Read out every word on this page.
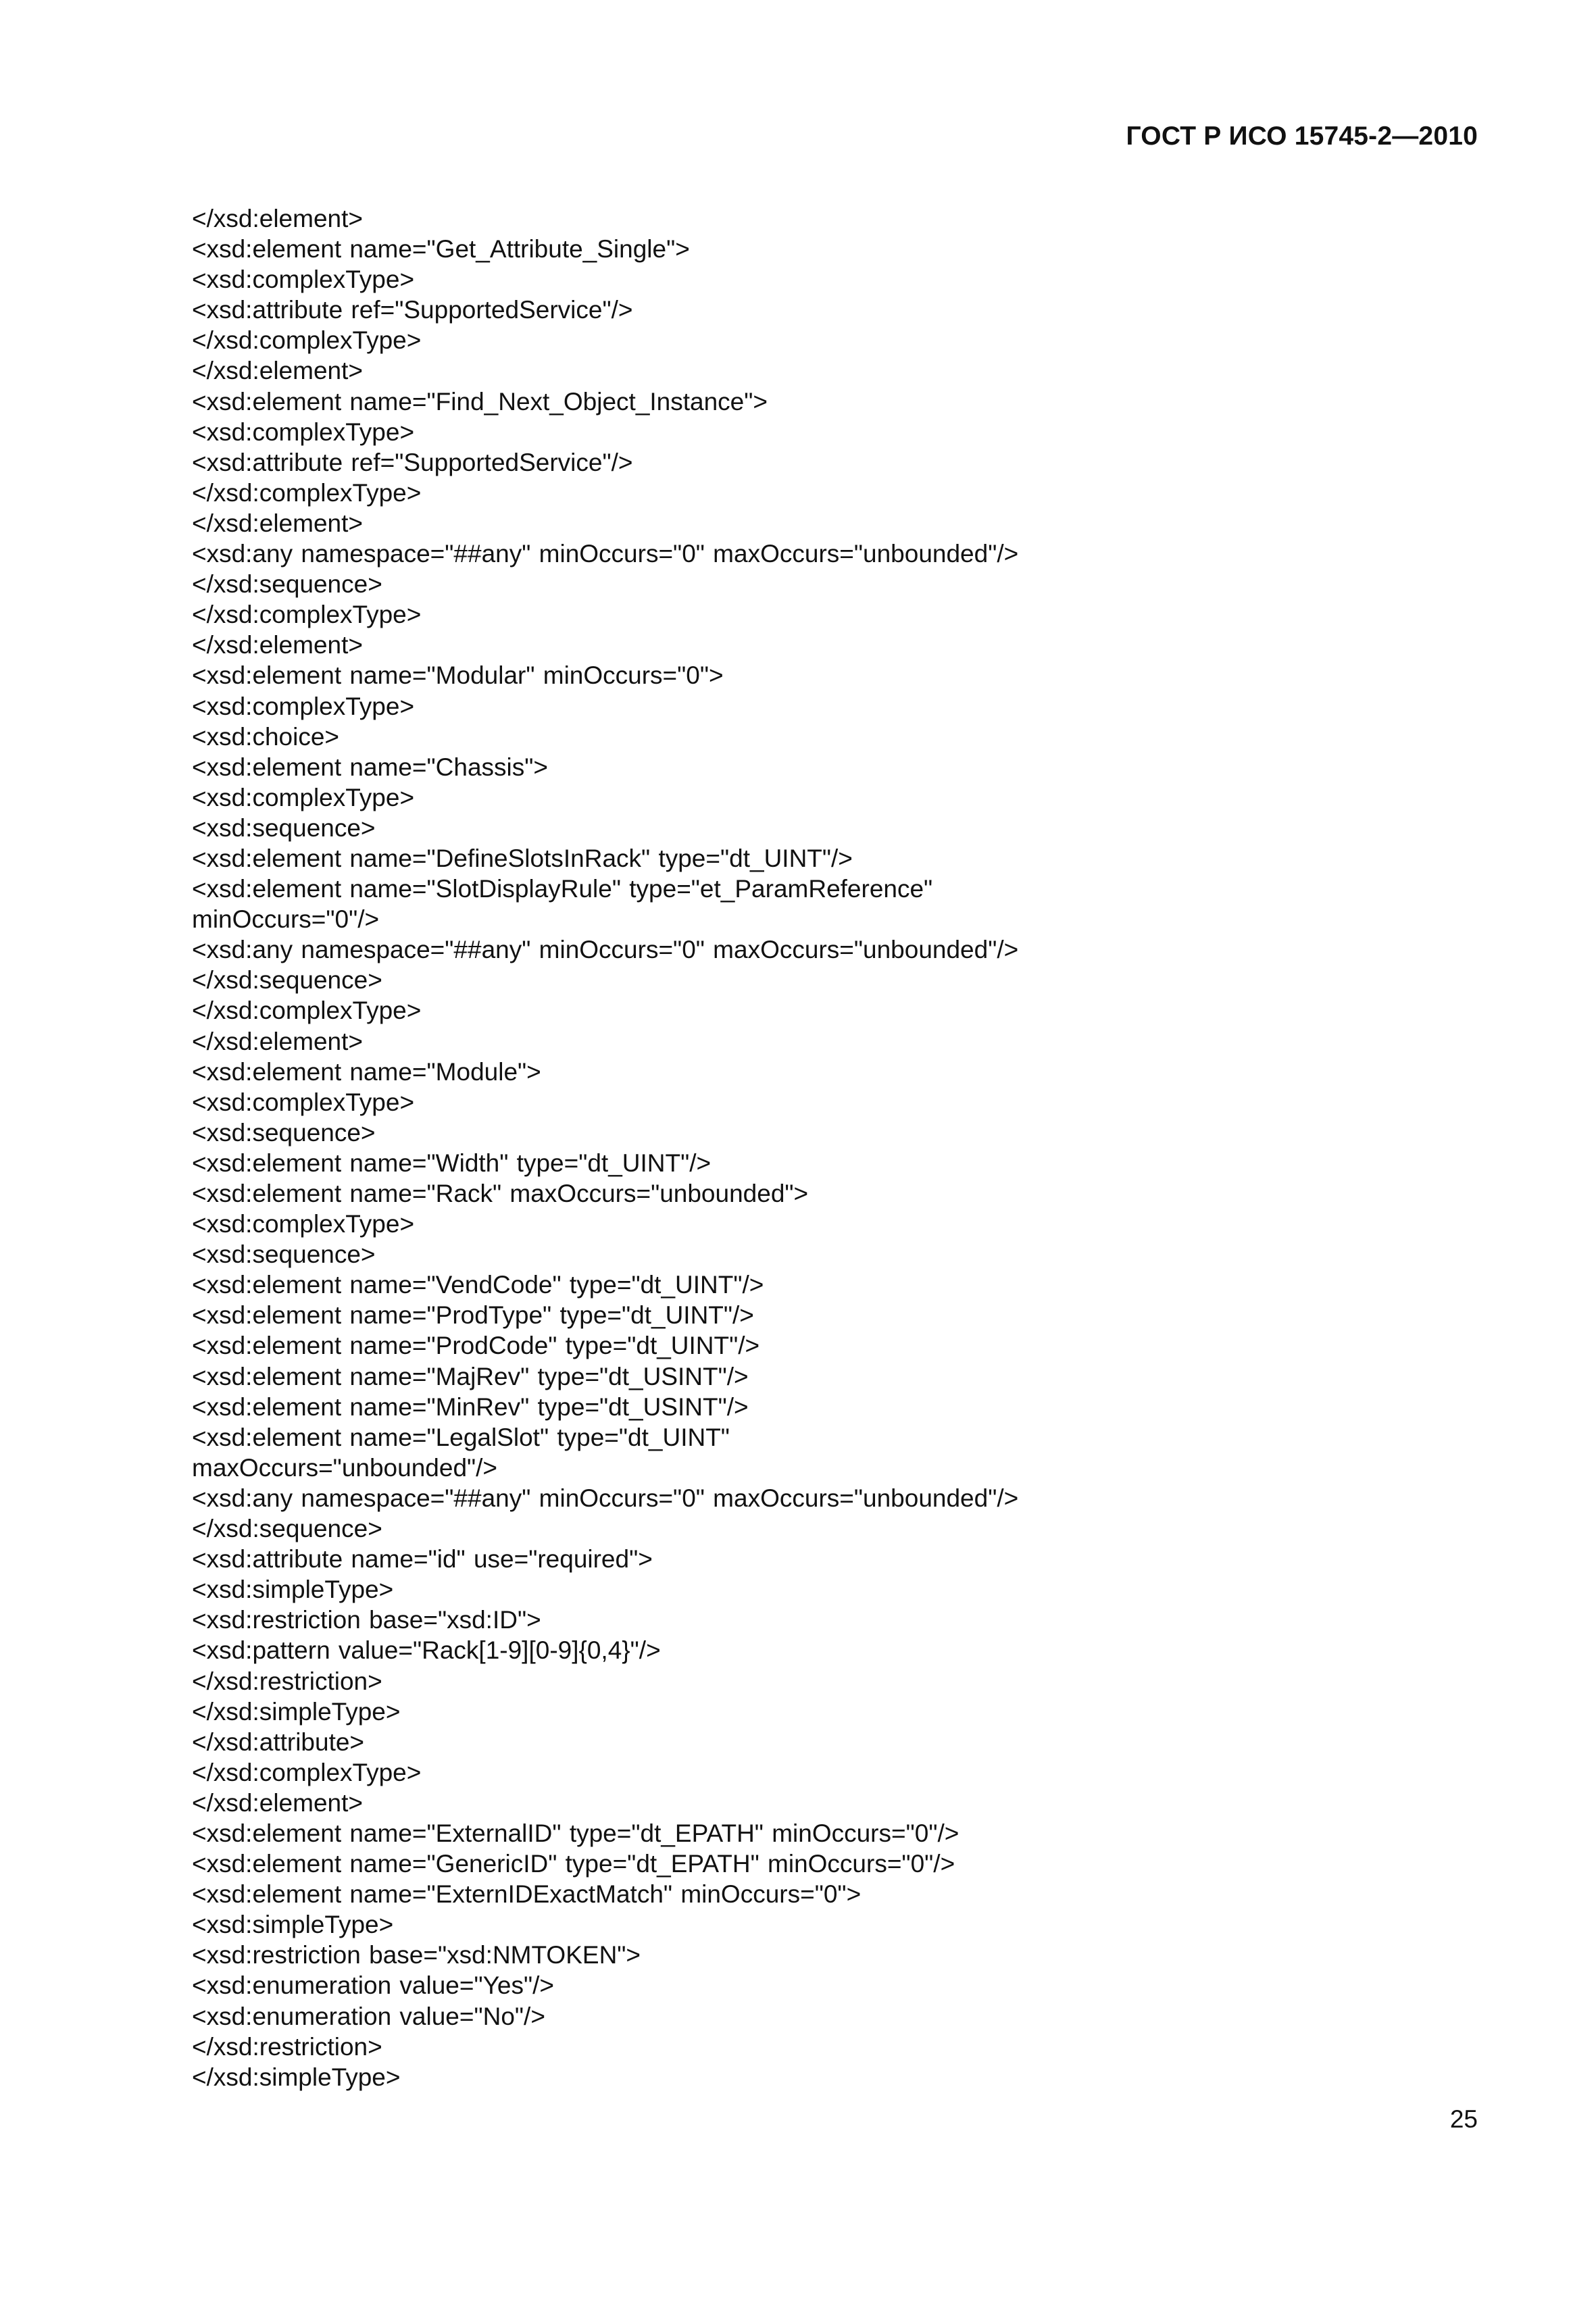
ГОСТ Р ИСО 15745-2—2010
</xsd:element>
<xsd:element name="Get_Attribute_Single">
<xsd:complexType>
<xsd:attribute ref="SupportedService"/>
</xsd:complexType>
</xsd:element>
<xsd:element name="Find_Next_Object_Instance">
<xsd:complexType>
<xsd:attribute ref="SupportedService"/>
</xsd:complexType>
</xsd:element>
<xsd:any namespace="##any" minOccurs="0" maxOccurs="unbounded"/>
</xsd:sequence>
</xsd:complexType>
</xsd:element>
<xsd:element name="Modular" minOccurs="0">
<xsd:complexType>
<xsd:choice>
<xsd:element name="Chassis">
<xsd:complexType>
<xsd:sequence>
<xsd:element name="DefineSlotsInRack" type="dt_UINT"/>
<xsd:element name="SlotDisplayRule" type="et_ParamReference"
minOccurs="0"/>
<xsd:any namespace="##any" minOccurs="0" maxOccurs="unbounded"/>
</xsd:sequence>
</xsd:complexType>
</xsd:element>
<xsd:element name="Module">
<xsd:complexType>
<xsd:sequence>
<xsd:element name="Width" type="dt_UINT"/>
<xsd:element name="Rack" maxOccurs="unbounded">
<xsd:complexType>
<xsd:sequence>
<xsd:element name="VendCode" type="dt_UINT"/>
<xsd:element name="ProdType" type="dt_UINT"/>
<xsd:element name="ProdCode" type="dt_UINT"/>
<xsd:element name="MajRev" type="dt_USINT"/>
<xsd:element name="MinRev" type="dt_USINT"/>
<xsd:element name="LegalSlot" type="dt_UINT"
maxOccurs="unbounded"/>
<xsd:any namespace="##any" minOccurs="0" maxOccurs="unbounded"/>
</xsd:sequence>
<xsd:attribute name="id" use="required">
<xsd:simpleType>
<xsd:restriction base="xsd:ID">
<xsd:pattern value="Rack[1-9][0-9]{0,4}"/>
</xsd:restriction>
</xsd:simpleType>
</xsd:attribute>
</xsd:complexType>
</xsd:element>
<xsd:element name="ExternalID" type="dt_EPATH" minOccurs="0"/>
<xsd:element name="GenericID" type="dt_EPATH" minOccurs="0"/>
<xsd:element name="ExternIDExactMatch" minOccurs="0">
<xsd:simpleType>
<xsd:restriction base="xsd:NMTOKEN">
<xsd:enumeration value="Yes"/>
<xsd:enumeration value="No"/>
</xsd:restriction>
</xsd:simpleType>
25
